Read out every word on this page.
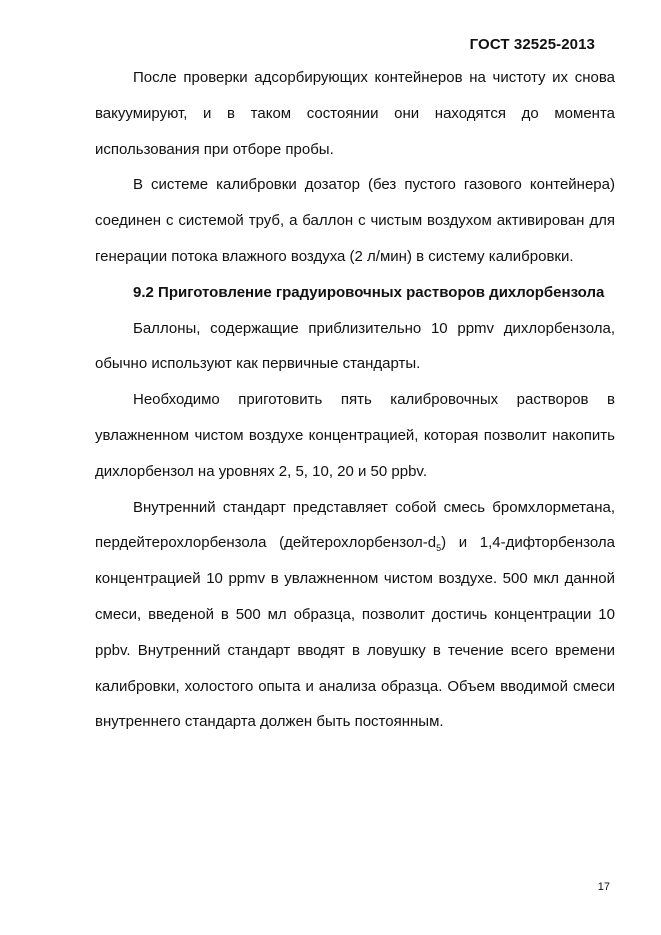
ГОСТ 32525-2013

После проверки адсорбирующих контейнеров на чистоту их снова вакуумируют, и в таком состоянии они находятся до момента использования при отборе пробы.

В системе калибровки дозатор (без пустого газового контейнера) соединен с системой труб, а баллон с чистым воздухом активирован для генерации потока влажного воздуха (2 л/мин) в систему калибровки.

9.2 Приготовление градуировочных растворов дихлорбензола

Баллоны, содержащие приблизительно 10 ppmv дихлорбензола, обычно используют как первичные стандарты.

Необходимо приготовить пять калибровочных растворов в увлажненном чистом воздухе концентрацией, которая позволит накопить дихлорбензол на уровнях 2, 5, 10, 20 и 50 ppbv.

Внутренний стандарт представляет собой смесь бромхлорметана, пердейтерохлорбензола $(дейтерохлорбензол-d_5)$ и 1,4-дифторбензола концентрацией 10 ppmv в увлажненном чистом воздухе. 500 мкл данной смеси, введеной в 500 мл образца, позволит достичь концентрации 10 ppbv. Внутренний стандарт вводят в ловушку в течение всего времени калибровки, холостого опыта и анализа образца. Объем вводимой смеси внутреннего стандарта должен быть постоянным.

17
